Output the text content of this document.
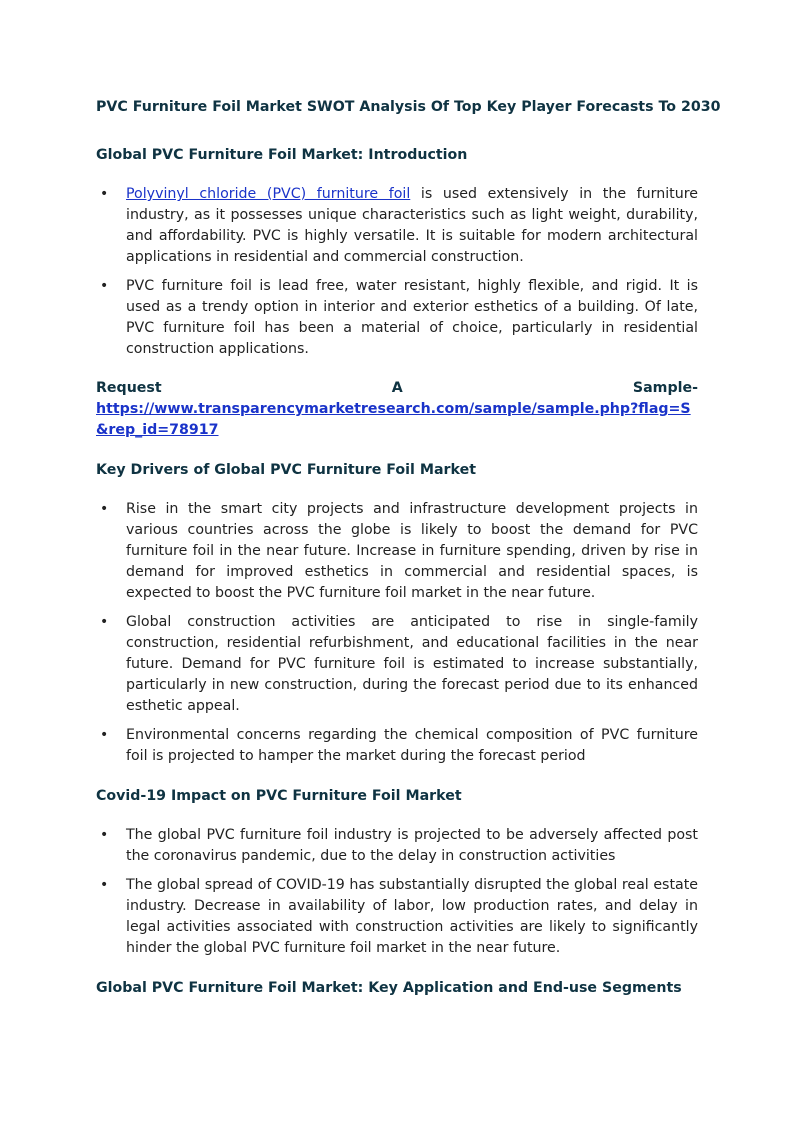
PVC Furniture Foil Market SWOT Analysis Of Top Key Player Forecasts To 2030

Global PVC Furniture Foil Market: Introduction

• Polyvinyl chloride (PVC) furniture foil is used extensively in the furniture industry, as it possesses unique characteristics such as light weight, durability, and affordability. PVC is highly versatile. It is suitable for modern architectural applications in residential and commercial construction.
• PVC furniture foil is lead free, water resistant, highly flexible, and rigid. It is used as a trendy option in interior and exterior esthetics of a building. Of late, PVC furniture foil has been a material of choice, particularly in residential construction applications.
Request	A	Sample-
https://www.transparencymarketresearch.com/sample/sample.php?flag=S&rep_id=78917

Key Drivers of Global PVC Furniture Foil Market

• Rise in the smart city projects and infrastructure development projects in various countries across the globe is likely to boost the demand for PVC furniture foil in the near future. Increase in furniture spending, driven by rise in demand for improved esthetics in commercial and residential spaces, is expected to boost the PVC furniture foil market in the near future.
• Global construction activities are anticipated to rise in single-family construction, residential refurbishment, and educational facilities in the near future. Demand for PVC furniture foil is estimated to increase substantially, particularly in new construction, during the forecast period due to its enhanced esthetic appeal.
• Environmental concerns regarding the chemical composition of PVC furniture foil is projected to hamper the market during the forecast period

Covid-19 Impact on PVC Furniture Foil Market

• The global PVC furniture foil industry is projected to be adversely affected post the coronavirus pandemic, due to the delay in construction activities
• The global spread of COVID-19 has substantially disrupted the global real estate industry. Decrease in availability of labor, low production rates, and delay in legal activities associated with construction activities are likely to significantly hinder the global PVC furniture foil market in the near future.

Global PVC Furniture Foil Market: Key Application and End-use Segments
